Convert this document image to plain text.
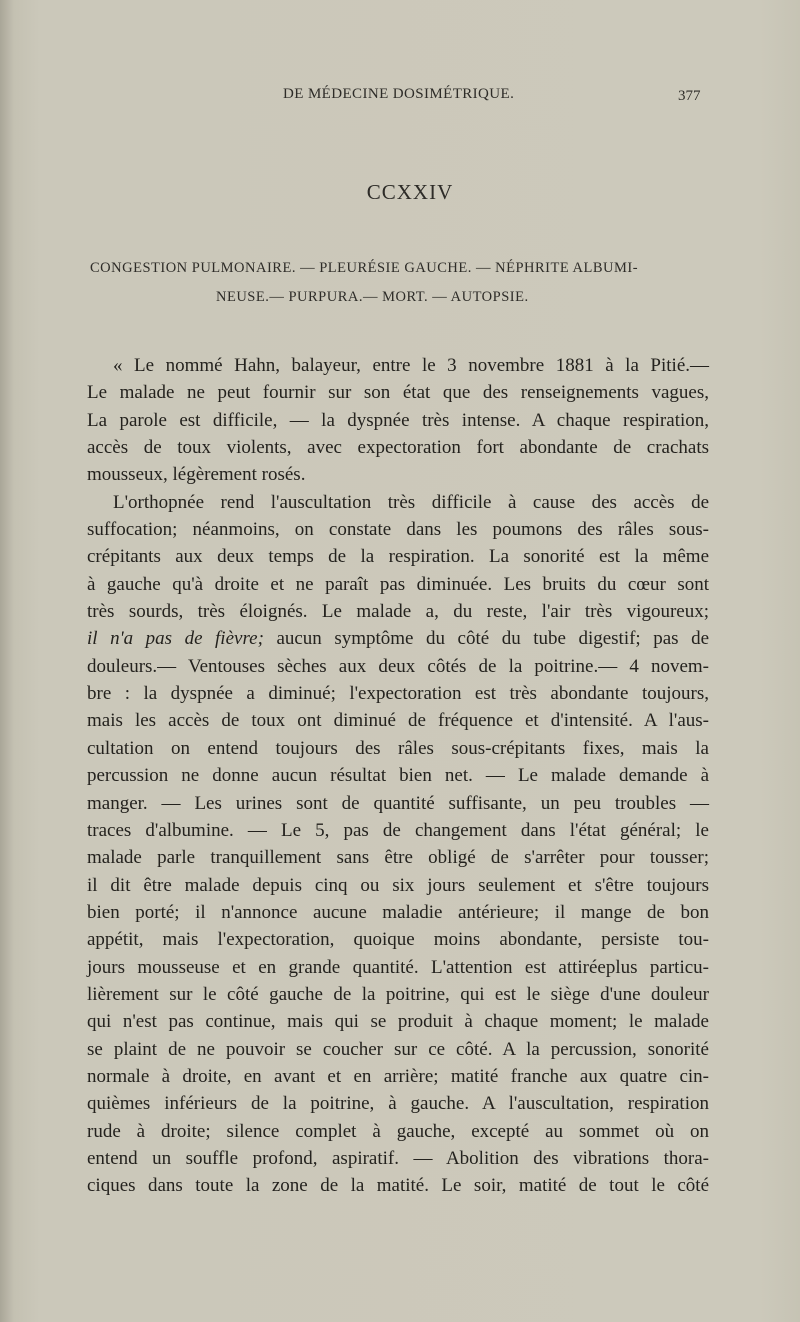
DE MÉDECINE DOSIMÉTRIQUE.	377
CCXXIV
CONGESTION PULMONAIRE. — PLEURÉSIE GAUCHE. — NÉPHRITE ALBUMI-
NEUSE.— PURPURA.— MORT. — AUTOPSIE.

« Le nommé Hahn, balayeur, entre le 3 novembre 1881 à la Pitié.—

Le malade ne peut fournir sur son état que des renseignements vagues,

La parole est difficile, — la dyspnée très intense. A chaque respiration,

accès de toux violents, avec expectoration fort abondante de crachats

mousseux, légèrement rosés.

L'orthopnée rend l'auscultation très difficile à cause des accès de

suffocation; néanmoins, on constate dans les poumons des râles sous-

crépitants aux deux temps de la respiration. La sonorité est la même

à gauche qu'à droite et ne paraît pas diminuée. Les bruits du cœur sont

très sourds, très éloignés. Le malade a, du reste, l'air très vigoureux;

il n'a pas de fièvre; aucun symptôme du côté du tube digestif; pas de

douleurs.— Ventouses sèches aux deux côtés de la poitrine.— 4 novem-

bre : la dyspnée a diminué; l'expectoration est très abondante toujours,

mais les accès de toux ont diminué de fréquence et d'intensité. A l'aus-

cultation on entend toujours des râles sous-crépitants fixes, mais la

percussion ne donne aucun résultat bien net. — Le malade demande à

manger. — Les urines sont de quantité suffisante, un peu troubles —

traces d'albumine. — Le 5, pas de changement dans l'état général; le

malade parle tranquillement sans être obligé de s'arrêter pour tousser;

il dit être malade depuis cinq ou six jours seulement et s'être toujours

bien porté; il n'annonce aucune maladie antérieure; il mange de bon

appétit, mais l'expectoration, quoique moins abondante, persiste tou-

jours mousseuse et en grande quantité. L'attention est attiréeplus particu-

lièrement sur le côté gauche de la poitrine, qui est le siège d'une douleur

qui n'est pas continue, mais qui se produit à chaque moment; le malade

se plaint de ne pouvoir se coucher sur ce côté. A la percussion, sonorité

normale à droite, en avant et en arrière; matité franche aux quatre cin-

quièmes inférieurs de la poitrine, à gauche. A l'auscultation, respiration

rude à droite; silence complet à gauche, excepté au sommet où on

entend un souffle profond, aspiratif. — Abolition des vibrations thora-

ciques dans toute la zone de la matité. Le soir, matité de tout le côté
